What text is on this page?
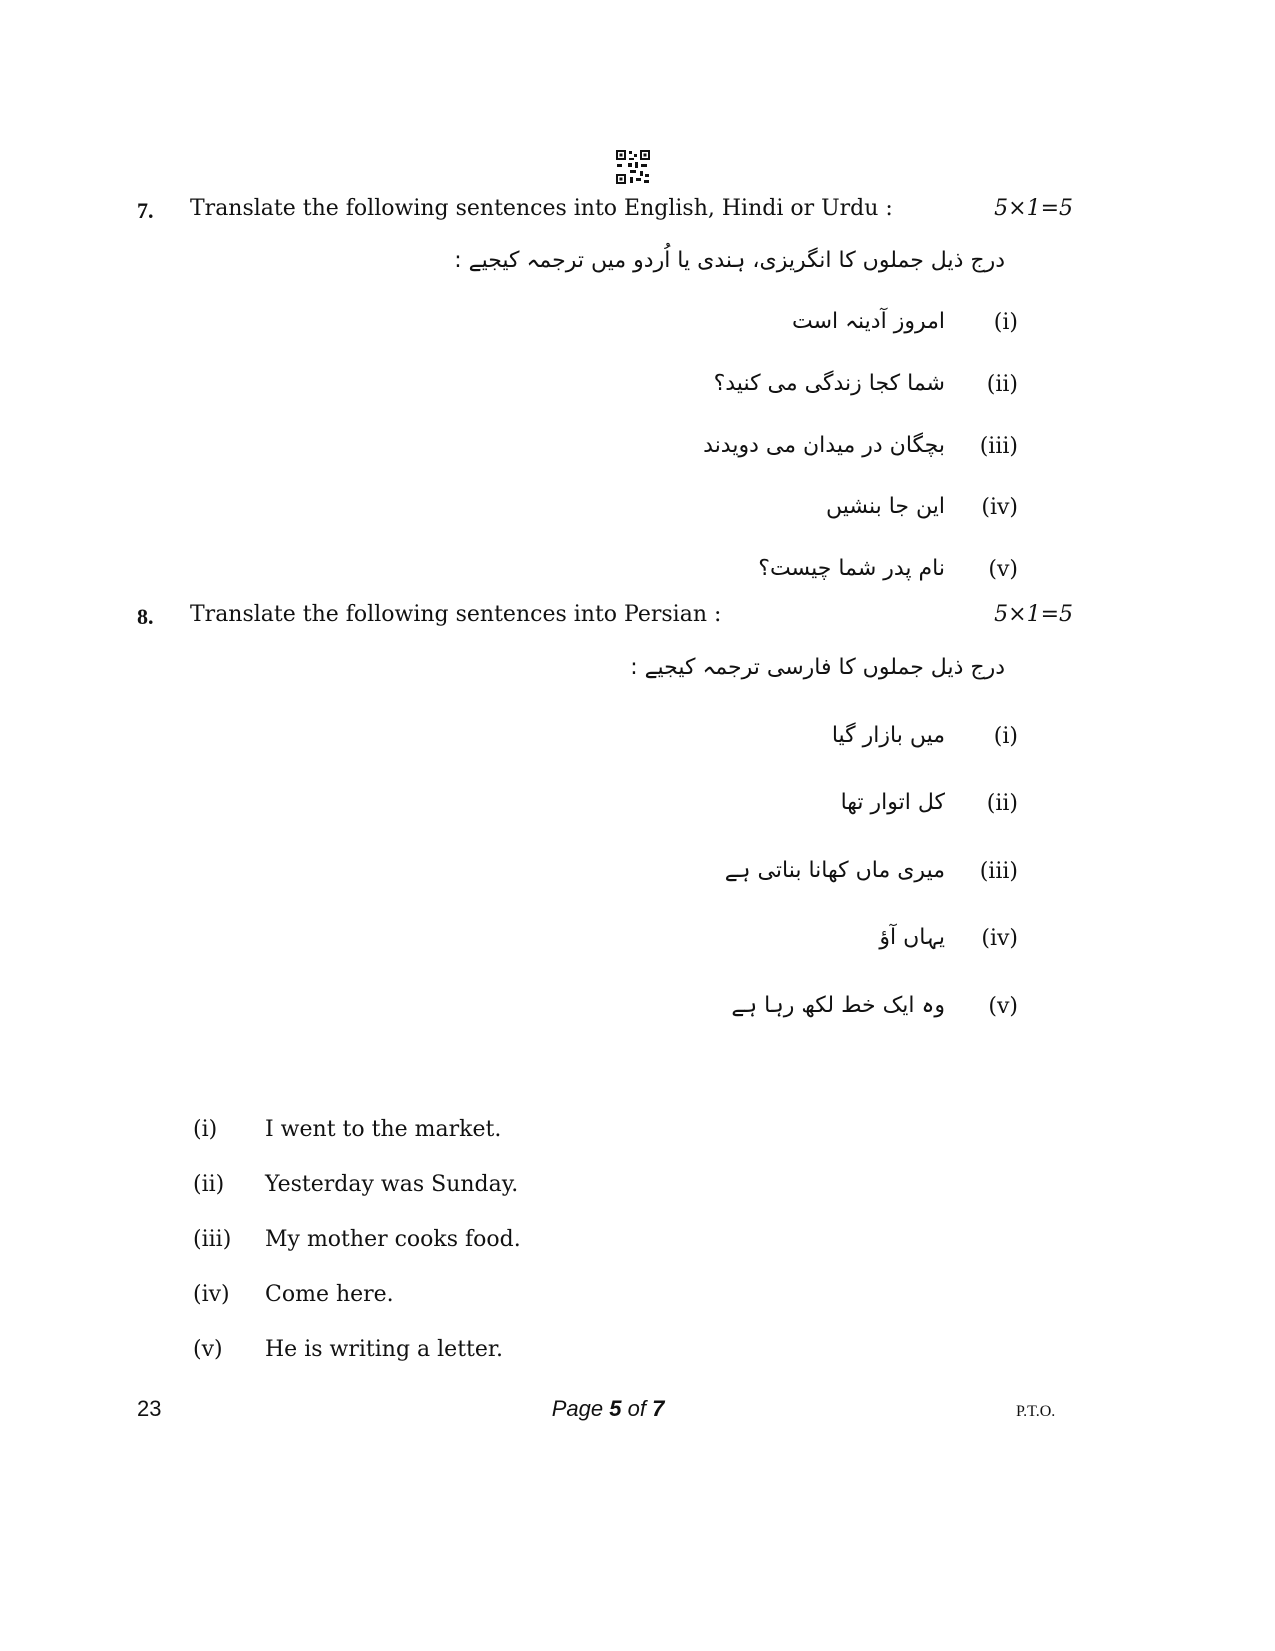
7. Translate the following sentences into English, Hindi or Urdu :	5×1=5
درج ذیل جملوں کا انگریزی، ہندی یا اُردو میں ترجمہ کیجیے :
(i)
امروز آدینہ است
(ii)
شما کجا زندگی می کنید؟
(iii)
بچگان در میدان می دویدند
(iv)
این جا بنشیں
(v)
نام پدر شما چیست؟
8. Translate the following sentences into Persian :	5×1=5
درج ذیل جملوں کا فارسی ترجمہ کیجیے :
(i)
میں بازار گیا
(ii)
کل اتوار تھا
(iii)
میری ماں کھانا بناتی ہے
(iv)
یہاں آؤ
(v)
وہ ایک خط لکھ رہا ہے
(i)	I went to the market.
(ii)	Yesterday was Sunday.
(iii)	My mother cooks food.
(iv)	Come here.
(v)	He is writing a letter.
23	Page 5 of 7	P.T.O.
